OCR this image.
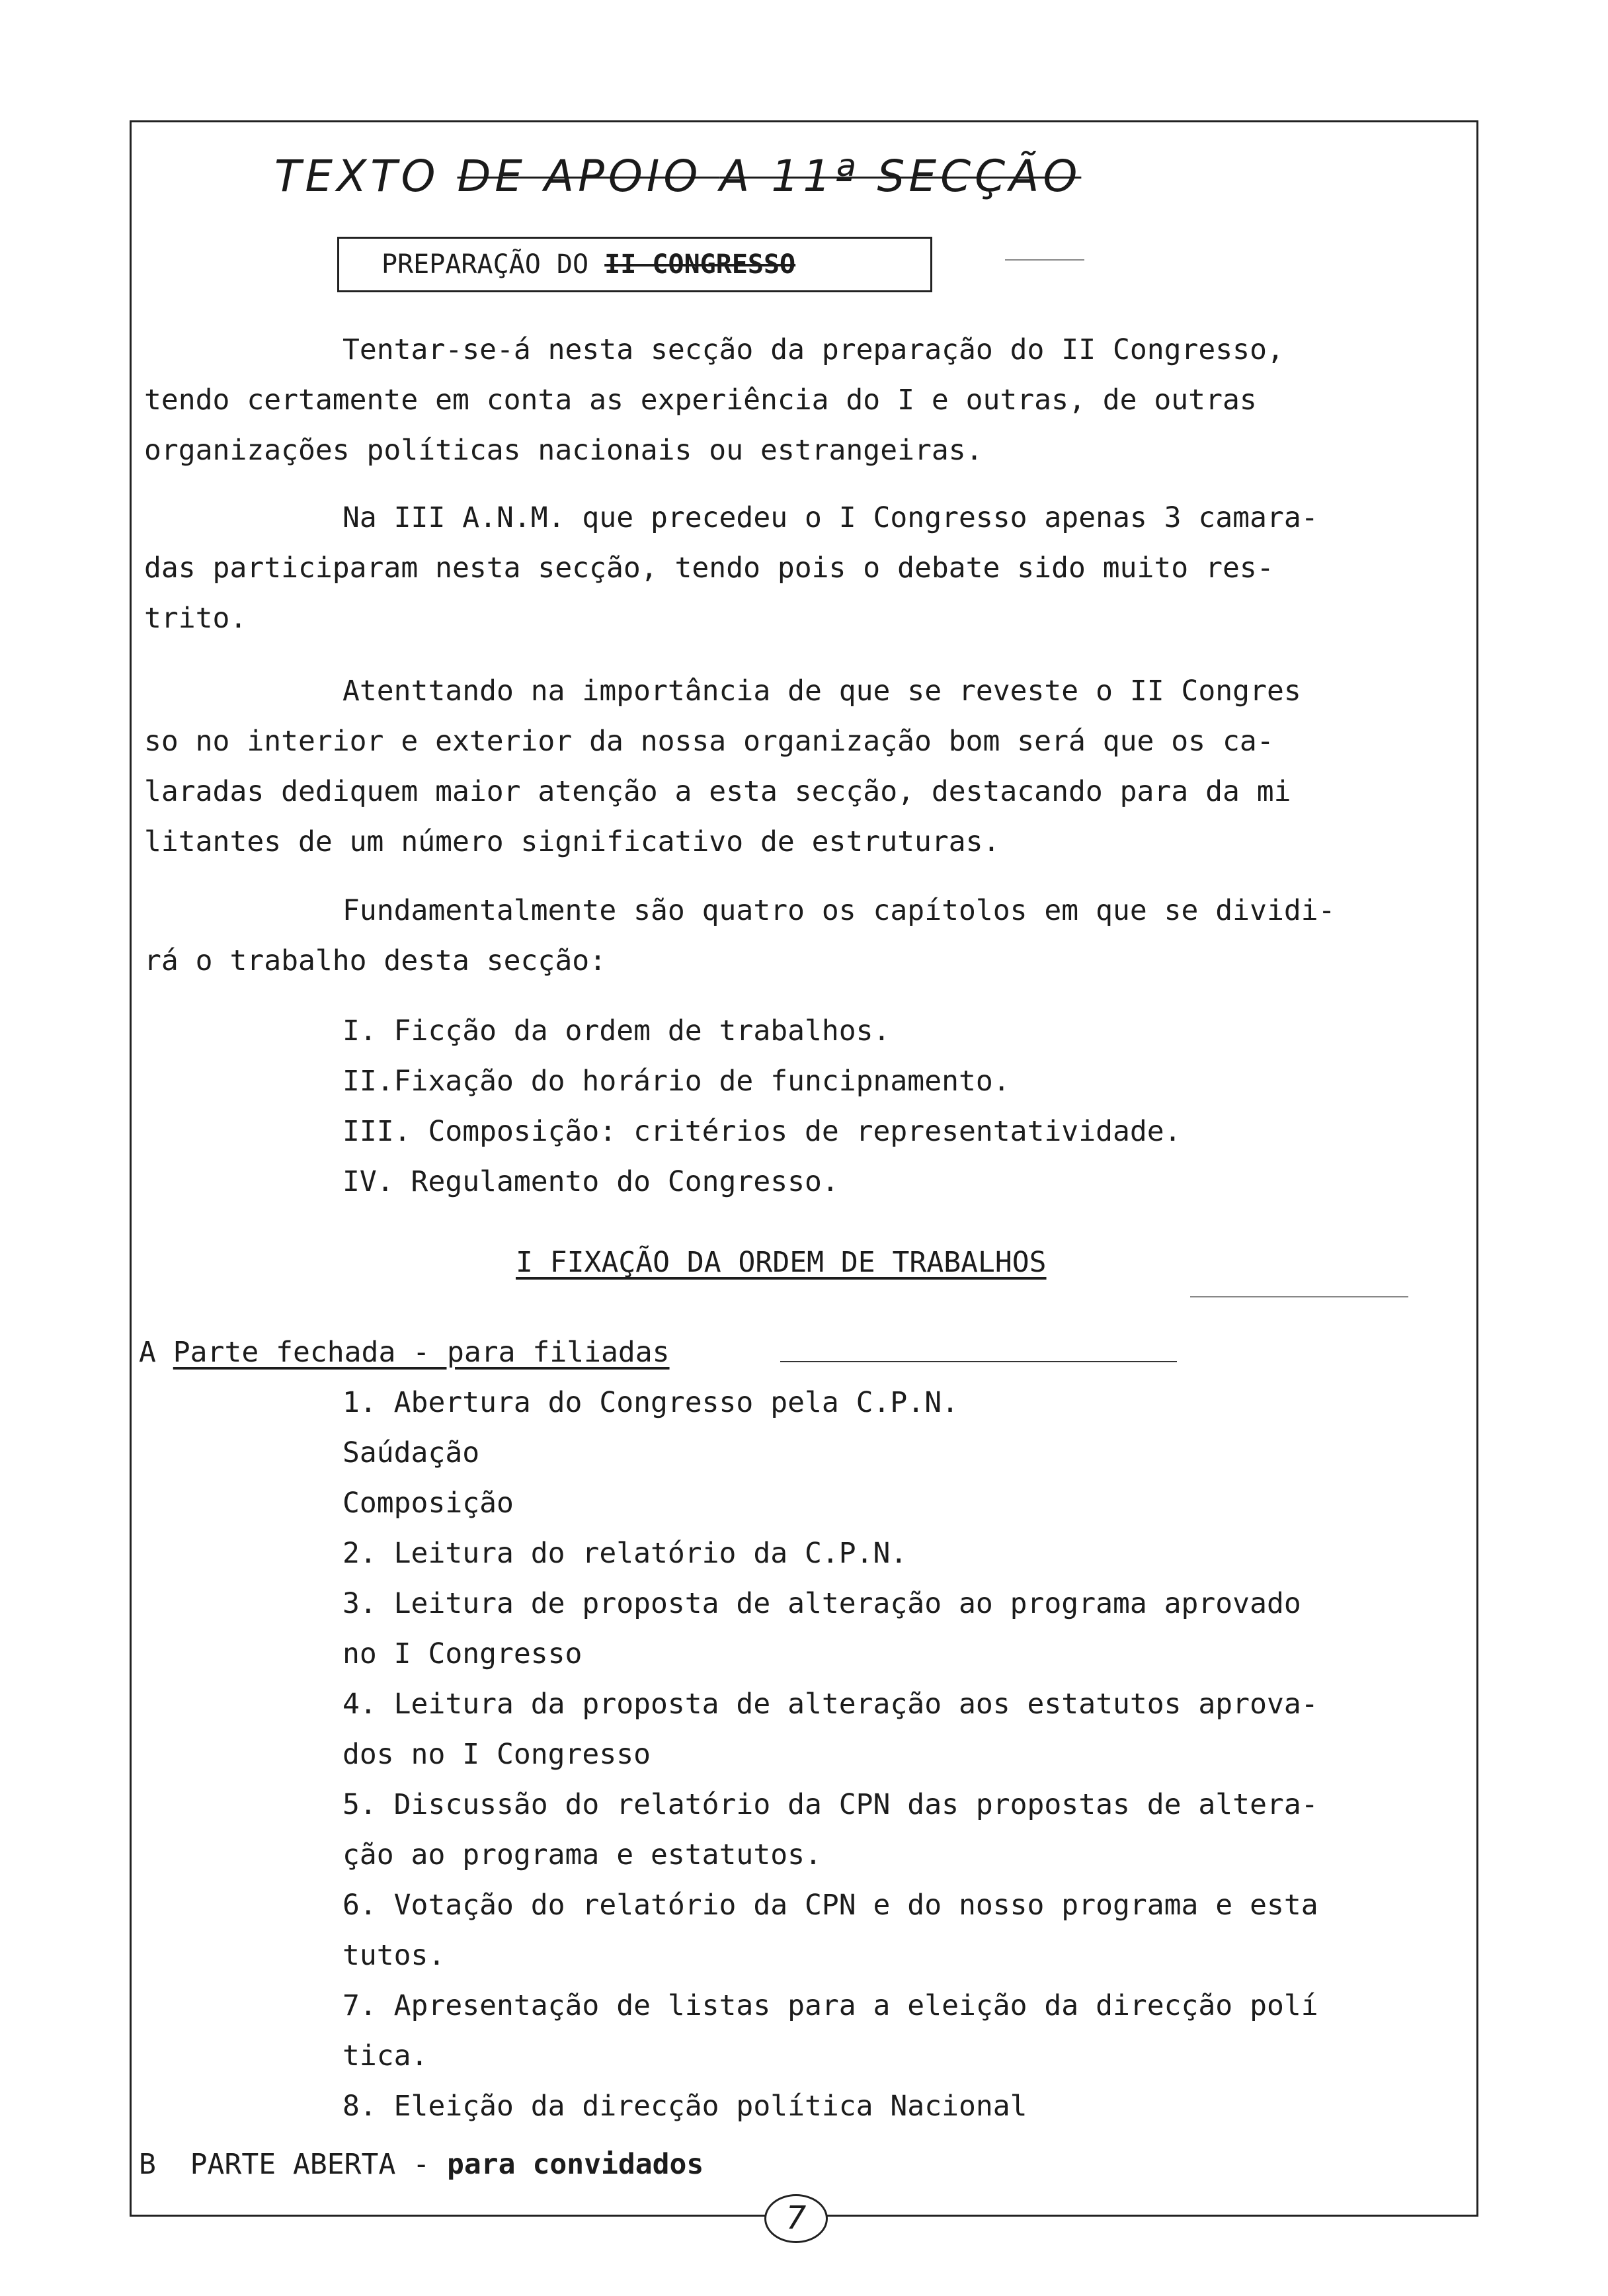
TEXTO DE APOIO A 11ª SECÇÃO
PREPARAÇÃO DO II CONGRESSO
Tentar-se-á nesta secção da preparação do II Congresso,
tendo certamente em conta as experiência do I e outras, de outras
organizações políticas nacionais ou estrangeiras.
Na III A.N.M. que precedeu o I Congresso apenas 3 camara-
das participaram nesta secção, tendo pois o debate sido muito res-
trito.
Atenttando na importância de que se reveste o II Congres
so no interior e exterior da nossa organização bom será que os ca-
laradas dediquem maior atenção a esta secção, destacando para da mi
litantes de um número significativo de estruturas.
Fundamentalmente são quatro os capítolos em que se dividi-
rá o trabalho desta secção:
I. Ficção da ordem de trabalhos.
II.Fixação do horário de funcipnamento.
III. Composição: critérios de representatividade.
IV. Regulamento do Congresso.
I FIXAÇÃO DA ORDEM DE TRABALHOS
A Parte fechada - para filiadas
1. Abertura do Congresso pela C.P.N.
Saúdação
Composição
2. Leitura do relatório da C.P.N.
3. Leitura de proposta de alteração ao programa aprovado
no I Congresso
4. Leitura da proposta de alteração aos estatutos aprova-
dos no I Congresso
5. Discussão do relatório da CPN das propostas de altera-
ção ao programa e estatutos.
6. Votação do relatório da CPN e do nosso programa e esta
tutos.
7. Apresentação de listas para a eleição da direcção polí
tica.
8. Eleição da direcção política Nacional
B PARTE ABERTA - para convidados
7
